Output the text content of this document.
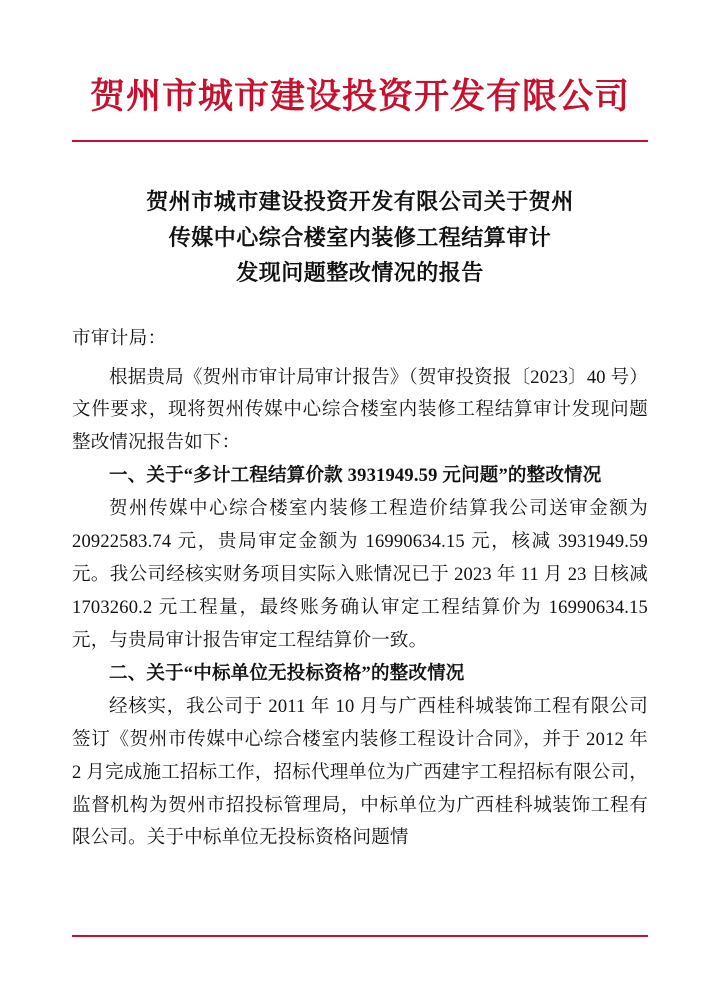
贺州市城市建设投资开发有限公司
贺州市城市建设投资开发有限公司关于贺州
传媒中心综合楼室内装修工程结算审计
发现问题整改情况的报告
市审计局：

根据贵局《贺州市审计局审计报告》（贺审投资报〔2023〕40 号）文件要求，现将贺州传媒中心综合楼室内装修工程结算审计发现问题整改情况报告如下：

一、关于“多计工程结算价款 3931949.59 元问题”的整改情况

贺州传媒中心综合楼室内装修工程造价结算我公司送审金额为 20922583.74 元，贵局审定金额为 16990634.15 元，核减 3931949.59 元。我公司经核实财务项目实际入账情况已于 2023 年 11 月 23 日核减 1703260.2 元工程量，最终账务确认审定工程结算价为 16990634.15 元，与贵局审计报告审定工程结算价一致。

二、关于“中标单位无投标资格”的整改情况

经核实，我公司于 2011 年 10 月与广西桂科城装饰工程有限公司签订《贺州市传媒中心综合楼室内装修工程设计合同》，并于 2012 年 2 月完成施工招标工作，招标代理单位为广西建宇工程招标有限公司，监督机构为贺州市招投标管理局，中标单位为广西桂科城装饰工程有限公司。关于中标单位无投标资格问题情
